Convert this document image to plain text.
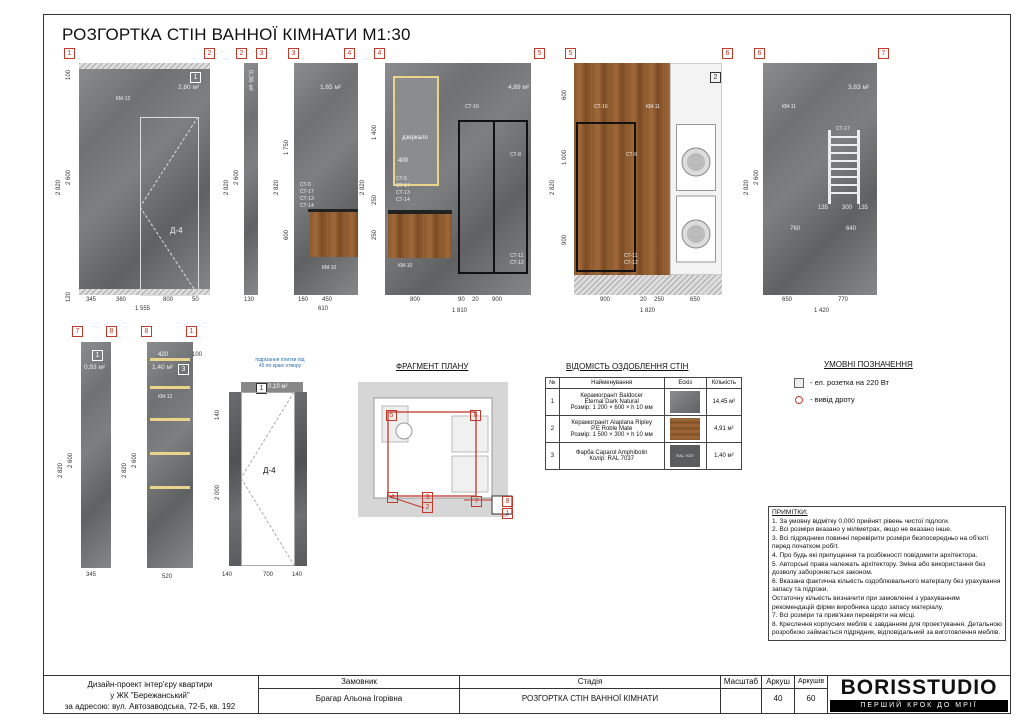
РОЗГОРТКА СТІН ВАННОЇ КІМНАТИ М1:30
1	2
1
2,80 м²
КМ-12
Д-4
2 820
2 600
100
120 345	360	800	50
1 555
2	3
0,36 м²
2 820
2 600
130
3	4
1,65 м²
СТ-5
СТ-17
СТ-13
СТ-14
КМ-10
2 820
1 750
600
160 450
610
4	5
дзеркало
4,89 м²
СТ-16
СТ-8
СТ-5
СТ-17
СТ-13
СТ-14
КМ-10
СТ-11
СТ-12
400
2 820
1 400
250
250
800	90 20 900
1 810
5	6
2
СТ-16	КМ-11
СТ-8
СТ-11
СТ-12
2 820
600
1 000
900
900	20 250	650
1 820
6	7
3,83 м²
КМ-11
СТ-17
135 300 135
760	640
2 820
2 600
650	770
1 420
7	8
1
0,93 м²
2 820
2 600
345
8	1
3
1,40 м²
КМ-12
420	100
2 820
2 600
520
1 0,10 м²
Д-4
підрізання плитки під 45 по краю отвору
140
2 000
140	700	140
ФРАГМЕНТ ПЛАНУ
5	6
3
4
2
1
7	8
ВІДОМІСТЬ ОЗДОБЛЕННЯ СТІН
№	Найменування	Ескіз	Кількість
1	Керамограніт Baldocer
Eternal Dark Natural
Розмір: 1 200 × 600 × h 10 мм		14,45 м²
2	Керамограніт Alaplana Ripley
P.E Roble Mate
Розмір: 1 500 × 300 × h 10 мм		4,91 м²
3	Фарба Caparol Amphibolin
Колір: RAL 7037	RAL 7037	1,40 м²
УМОВНІ ПОЗНАЧЕННЯ
- ел. розетка на 220 Вт
- вивід дроту
ПРИМІТКИ:
1. За умовну відмітку 0,000 прийнят рівень чистої підлоги.
2. Всі розміри вказано у міліметрах, якщо не вказано інше.
3. Всі підрядники повинні перевірити розміри безпосередньо на об'єкті перед початком робіт.
4. Про будь які припущення та розбіжності повідомити архітектора.
5. Авторські права належать архітектору. Зміна або використання без дозволу забороняється законом.
6. Вказана фактична кількість оздоблювального матеріалу без урахування запасу та підрізки.
Остаточну кількість визначити при замовленні з урахуванням рекомендацій фірми виробника щодо запасу матеріалу.
7. Всі розміри та прив'язки перевіряти на місці.
8. Креслення корпусних меблів є завданням для проектування. Детальною розробкою займається підрядник, відповідальний за виготовлення меблів.
Дизайн-проект інтер'єру квартири
у ЖК "Бережанський"
за адресою: вул. Автозаводська, 72-Б, кв. 192
Замовник
Брагар Альона Ігорівна
Стадія
РОЗГОРТКА СТІН ВАННОЇ КІМНАТИ
Масштаб Аркуш
40
Аркушів
60	BORISSTUDIO
ПЕРШИЙ КРОК ДО МРІЇ
